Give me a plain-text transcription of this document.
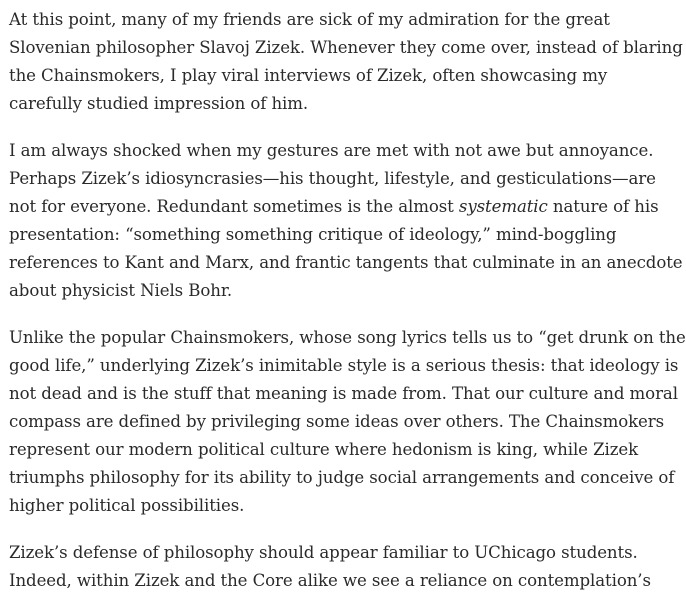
At this point, many of my friends are sick of my admiration for the great
Slovenian philosopher Slavoj Zizek. Whenever they come over, instead of blaring
the Chainsmokers, I play viral interviews of Zizek, often showcasing my
carefully studied impression of him.

I am always shocked when my gestures are met with not awe but annoyance.
Perhaps Zizek’s idiosyncrasies—his thought, lifestyle, and gesticulations—are
not for everyone. Redundant sometimes is the almost systematic nature of his
presentation: “something something critique of ideology,” mind-boggling
references to Kant and Marx, and frantic tangents that culminate in an anecdote
about physicist Niels Bohr.

Unlike the popular Chainsmokers, whose song lyrics tells us to “get drunk on the
good life,” underlying Zizek’s inimitable style is a serious thesis: that ideology is
not dead and is the stuff that meaning is made from. That our culture and moral
compass are defined by privileging some ideas over others. The Chainsmokers
represent our modern political culture where hedonism is king, while Zizek
triumphs philosophy for its ability to judge social arrangements and conceive of
higher political possibilities.

Zizek’s defense of philosophy should appear familiar to UChicago students.
Indeed, within Zizek and the Core alike we see a reliance on contemplation’s
